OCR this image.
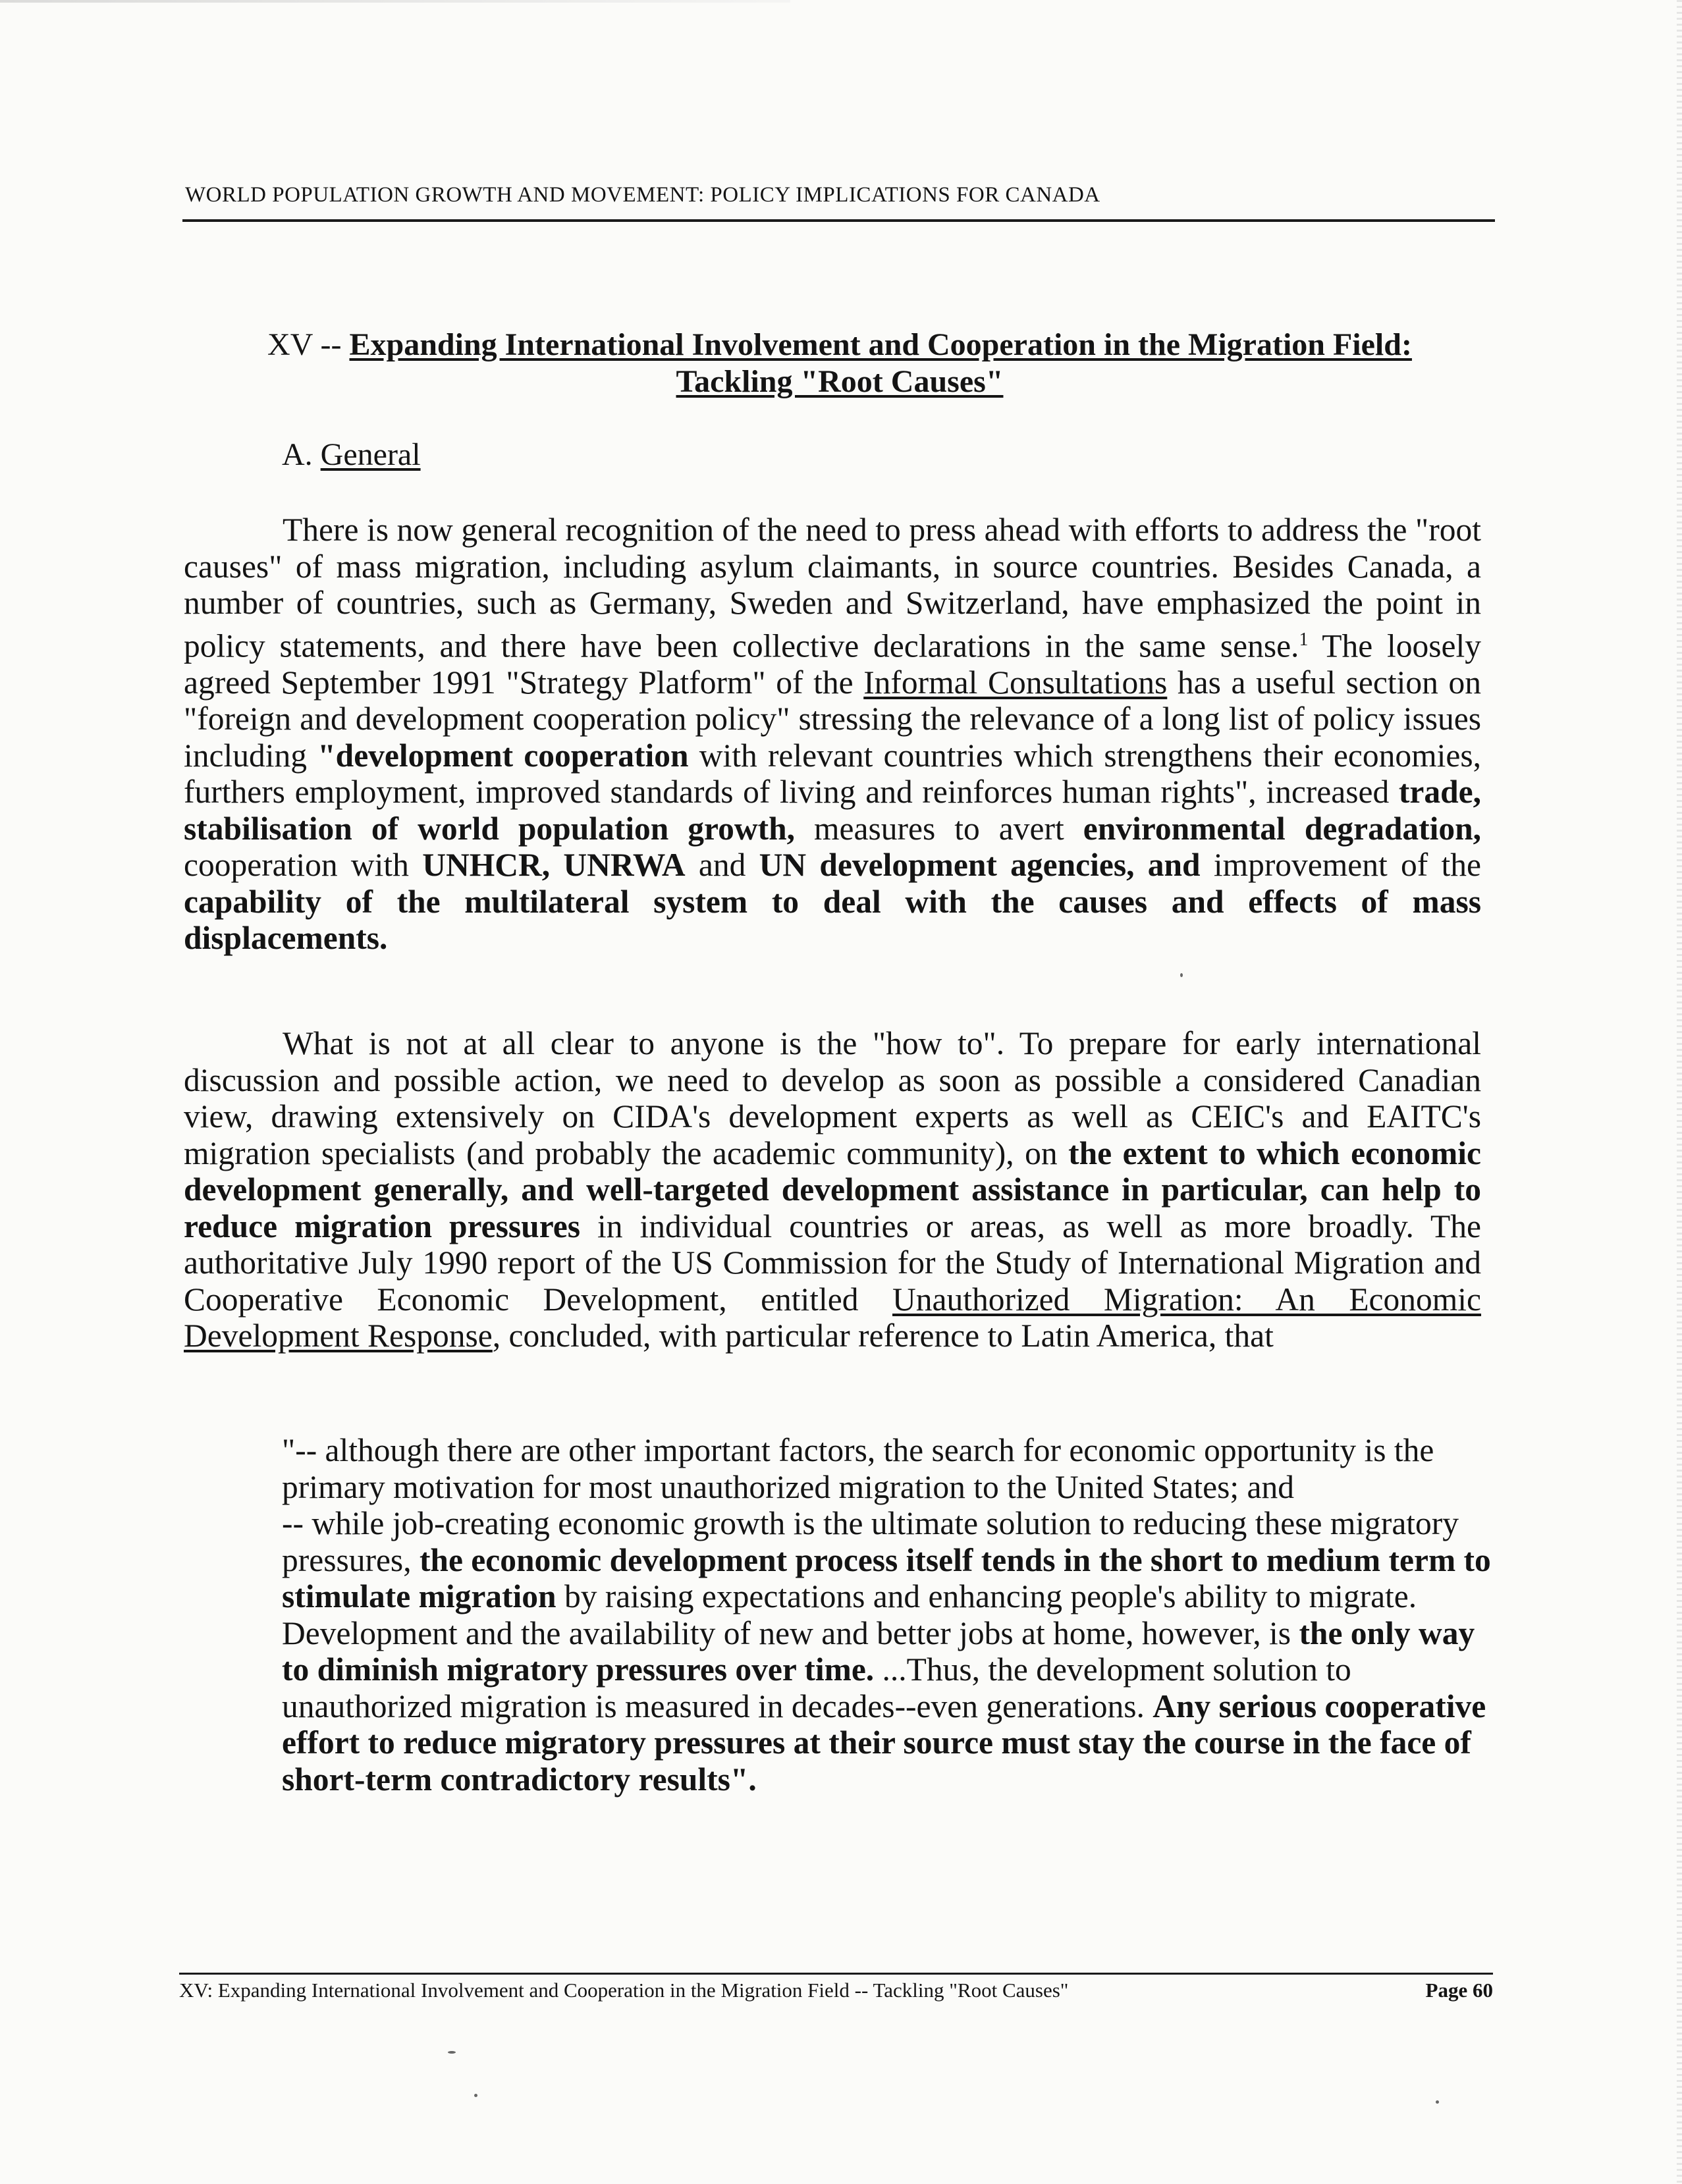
WORLD POPULATION GROWTH AND MOVEMENT: POLICY IMPLICATIONS FOR CANADA
XV -- Expanding International Involvement and Cooperation in the Migration Field:
Tackling "Root Causes"
A. General

There is now general recognition of the need to press ahead with efforts to address the "root causes" of mass migration, including asylum claimants, in source countries. Besides Canada, a number of countries, such as Germany, Sweden and Switzerland, have emphasized the point in policy statements, and there have been collective declarations in the same sense.$^1$ The loosely agreed September 1991 "Strategy Platform" of the Informal Consultations has a useful section on "foreign and development cooperation policy" stressing the relevance of a long list of policy issues including "development cooperation with relevant countries which strengthens their economies, furthers employment, improved standards of living and reinforces human rights", increased trade, stabilisation of world population growth, measures to avert environmental degradation, cooperation with UNHCR, UNRWA and UN development agencies, and improvement of the capability of the multilateral system to deal with the causes and effects of mass displacements.

What is not at all clear to anyone is the "how to". To prepare for early international discussion and possible action, we need to develop as soon as possible a considered Canadian view, drawing extensively on CIDA's development experts as well as CEIC's and EAITC's migration specialists (and probably the academic community), on the extent to which economic development generally, and well-targeted development assistance in particular, can help to reduce migration pressures in individual countries or areas, as well as more broadly. The authoritative July 1990 report of the US Commission for the Study of International Migration and Cooperative Economic Development, entitled Unauthorized Migration: An Economic Development Response, concluded, with particular reference to Latin America, that

"-- although there are other important factors, the search for economic opportunity is the primary motivation for most unauthorized migration to the United States; and

-- while job-creating economic growth is the ultimate solution to reducing these migratory pressures, the economic development process itself tends in the short to medium term to stimulate migration by raising expectations and enhancing people's ability to migrate. Development and the availability of new and better jobs at home, however, is the only way to diminish migratory pressures over time. ...Thus, the development solution to unauthorized migration is measured in decades--even generations. Any serious cooperative effort to reduce migratory pressures at their source must stay the course in the face of short-term contradictory results".

XV: Expanding International Involvement and Cooperation in the Migration Field -- Tackling "Root Causes"	Page 60
